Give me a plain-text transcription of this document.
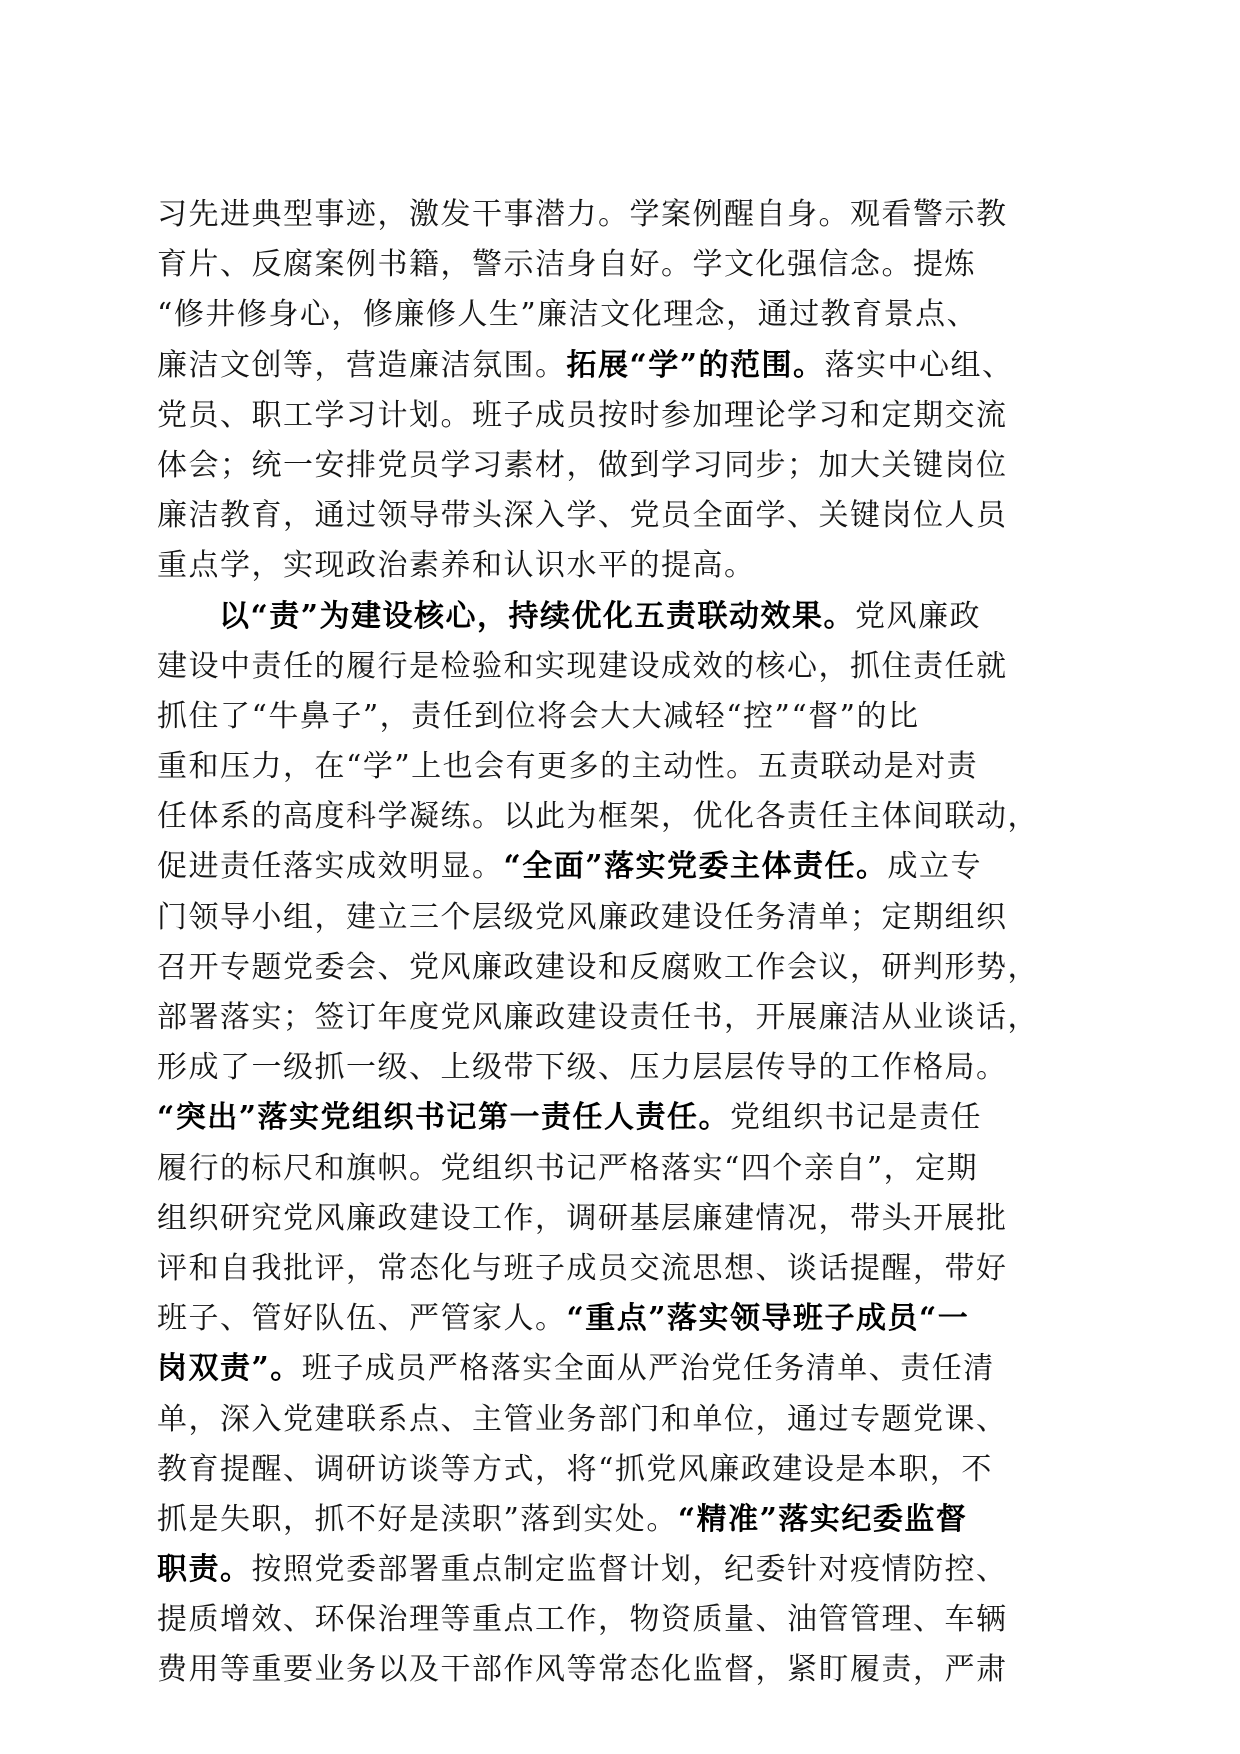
习先进典型事迹，激发干事潜力。学案例醒自身。观看警示教
育片、反腐案例书籍，警示洁身自好。学文化强信念。提炼
“修井修身心，修廉修人生”廉洁文化理念，通过教育景点、
廉洁文创等，营造廉洁氛围。拓展“学”的范围。落实中心组、
党员、职工学习计划。班子成员按时参加理论学习和定期交流
体会；统一安排党员学习素材，做到学习同步；加大关键岗位
廉洁教育，通过领导带头深入学、党员全面学、关键岗位人员
重点学，实现政治素养和认识水平的提高。
以“责”为建设核心，持续优化五责联动效果。党风廉政
建设中责任的履行是检验和实现建设成效的核心，抓住责任就
抓住了“牛鼻子”，责任到位将会大大减轻“控”“督”的比
重和压力，在“学”上也会有更多的主动性。五责联动是对责
任体系的高度科学凝练。以此为框架，优化各责任主体间联动，
促进责任落实成效明显。“全面”落实党委主体责任。成立专
门领导小组，建立三个层级党风廉政建设任务清单；定期组织
召开专题党委会、党风廉政建设和反腐败工作会议，研判形势，
部署落实；签订年度党风廉政建设责任书，开展廉洁从业谈话，
形成了一级抓一级、上级带下级、压力层层传导的工作格局。
“突出”落实党组织书记第一责任人责任。党组织书记是责任
履行的标尺和旗帜。党组织书记严格落实“四个亲自”，定期
组织研究党风廉政建设工作，调研基层廉建情况，带头开展批
评和自我批评，常态化与班子成员交流思想、谈话提醒，带好
班子、管好队伍、严管家人。“重点”落实领导班子成员“一
岗双责”。班子成员严格落实全面从严治党任务清单、责任清
单，深入党建联系点、主管业务部门和单位，通过专题党课、
教育提醒、调研访谈等方式，将“抓党风廉政建设是本职，不
抓是失职，抓不好是渎职”落到实处。“精准”落实纪委监督
职责。按照党委部署重点制定监督计划，纪委针对疫情防控、
提质增效、环保治理等重点工作，物资质量、油管管理、车辆
费用等重要业务以及干部作风等常态化监督，紧盯履责，严肃
